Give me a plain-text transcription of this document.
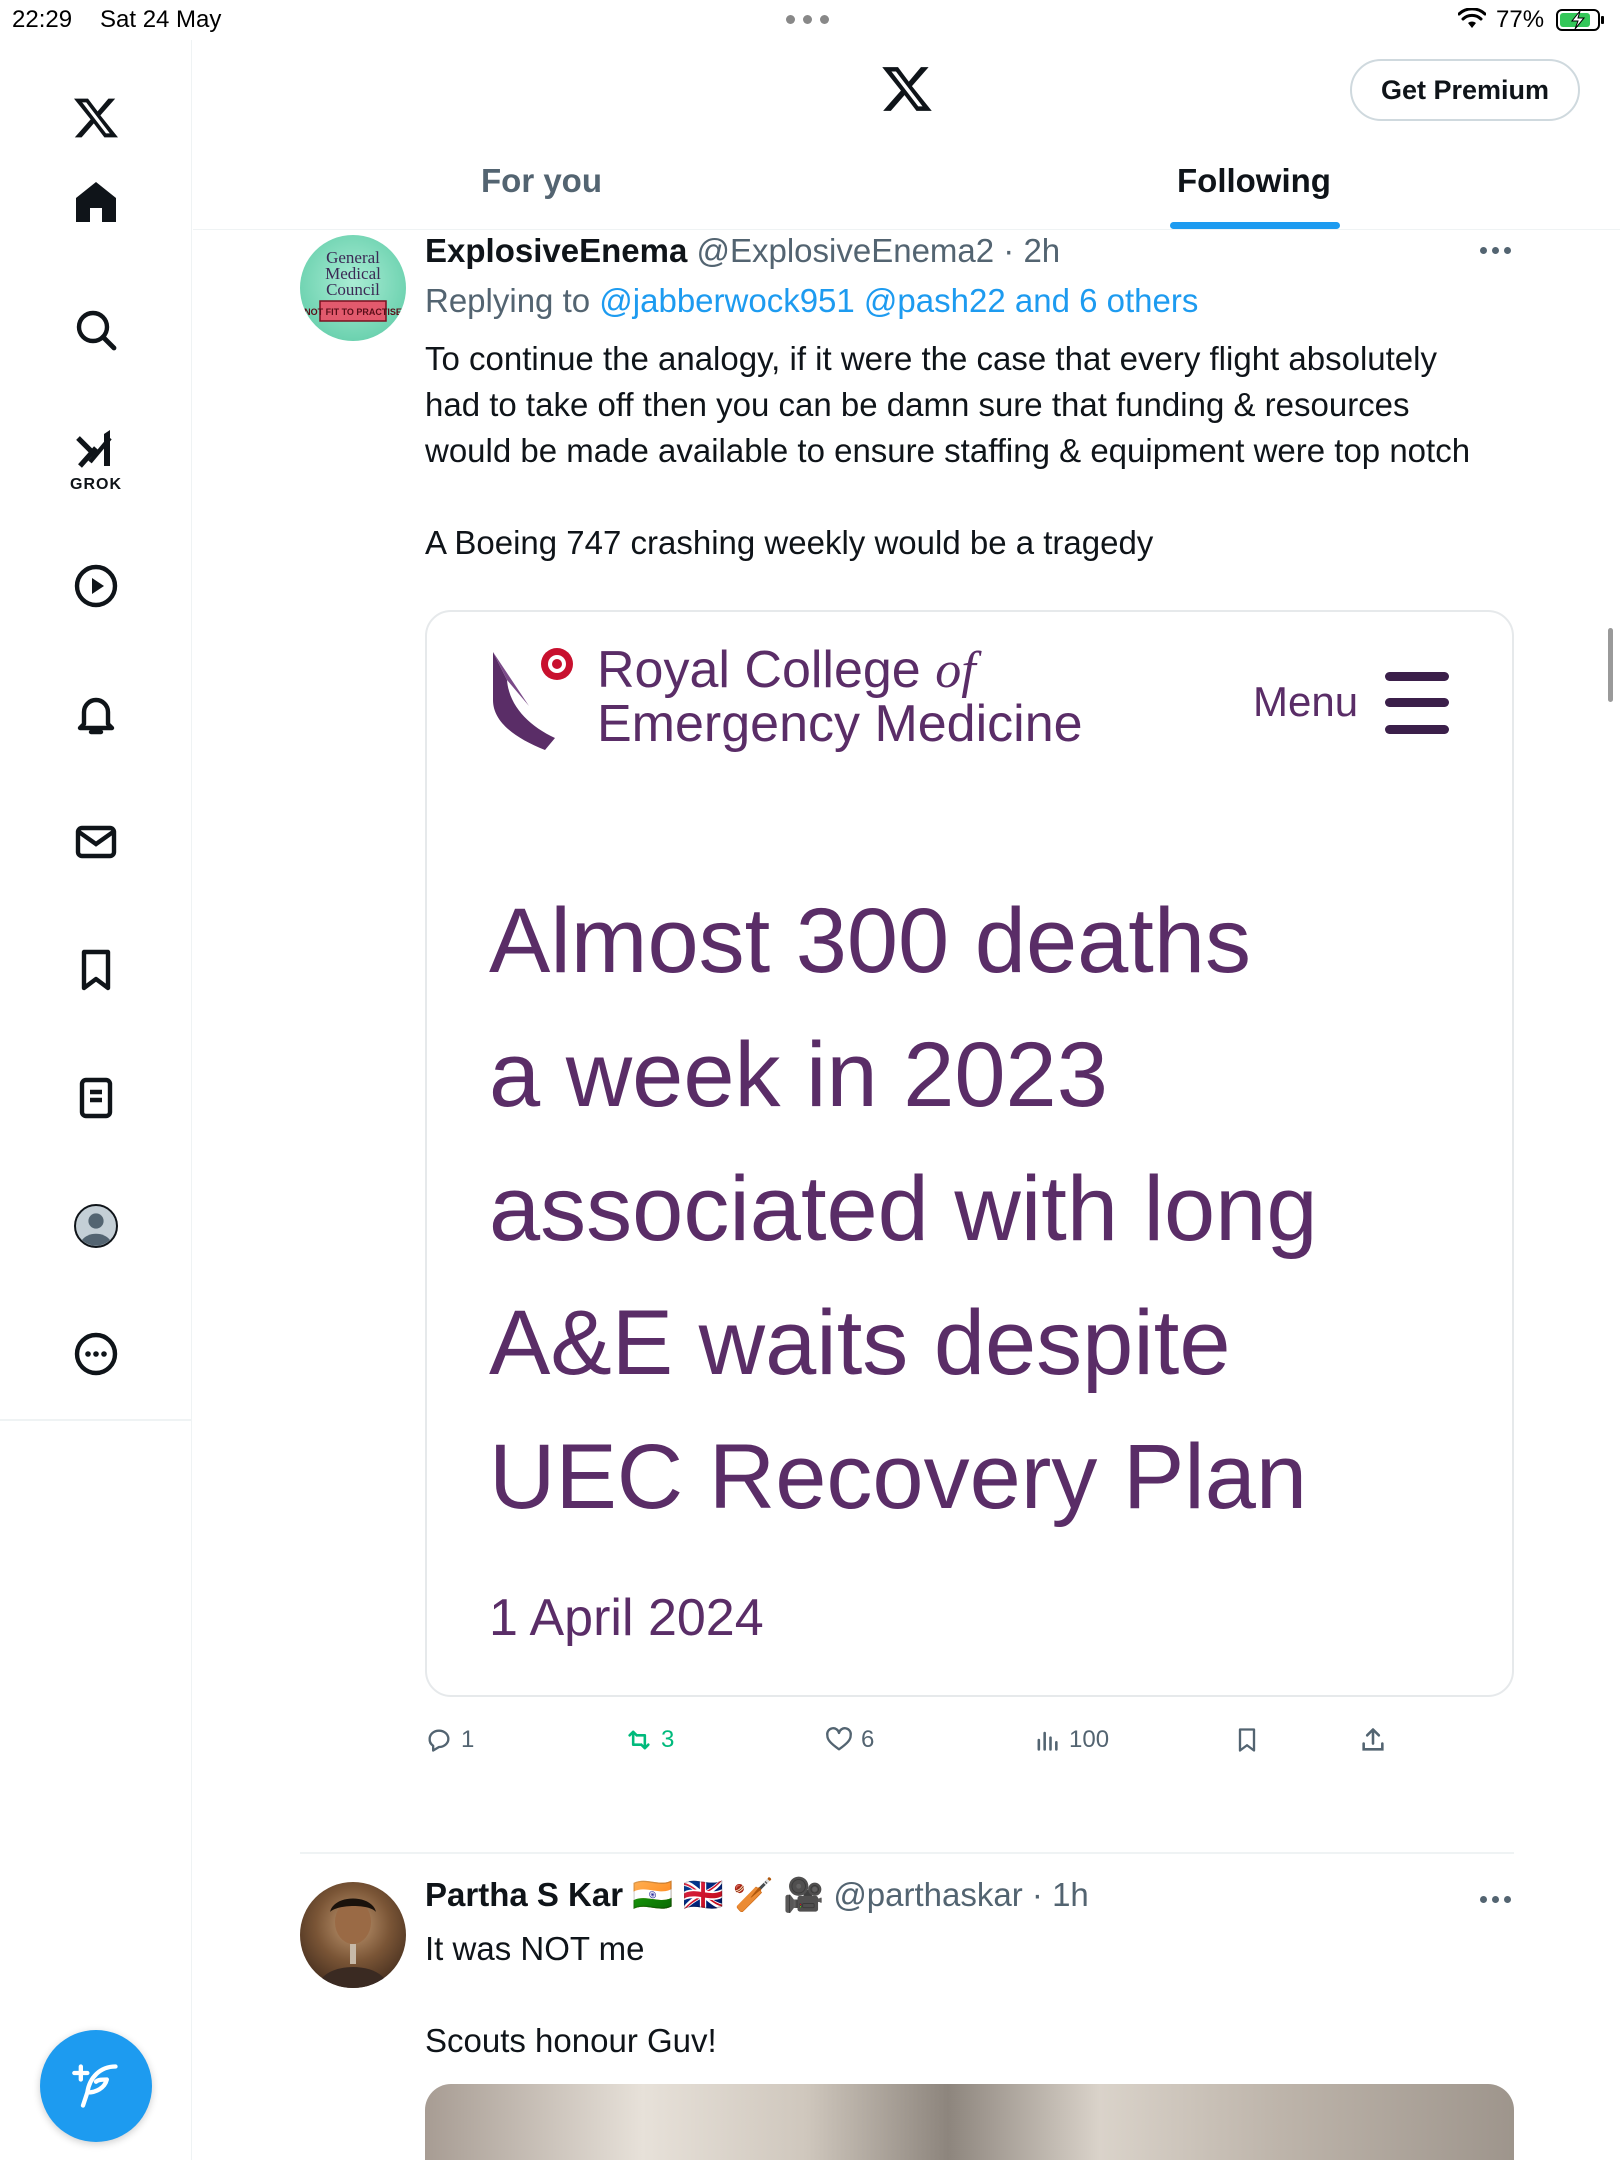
22:29 Sat 24 May	77%
GROK
Get Premium
For you	Following
General
Medical
Council
NOT FIT TO PRACTISE
ExplosiveEnema @ExplosiveEnema2 · 2h
Replying to @jabberwock951 @pash22 and 6 others
To continue the analogy, if it were the case that every flight absolutely
had to take off then you can be damn sure that funding & resources
would be made available to ensure staffing & equipment were top notch
A Boeing 747 crashing weekly would be a tragedy
Royal College of
Emergency Medicine	Menu
Almost 300 deaths
a week in 2023
associated with long
A&E waits despite
UEC Recovery Plan
1 April 2024
1	3	6	100
Partha S Kar 🇮🇳 🇬🇧 🏏 🎥 @parthaskar · 1h
It was NOT me
Scouts honour Guv!
